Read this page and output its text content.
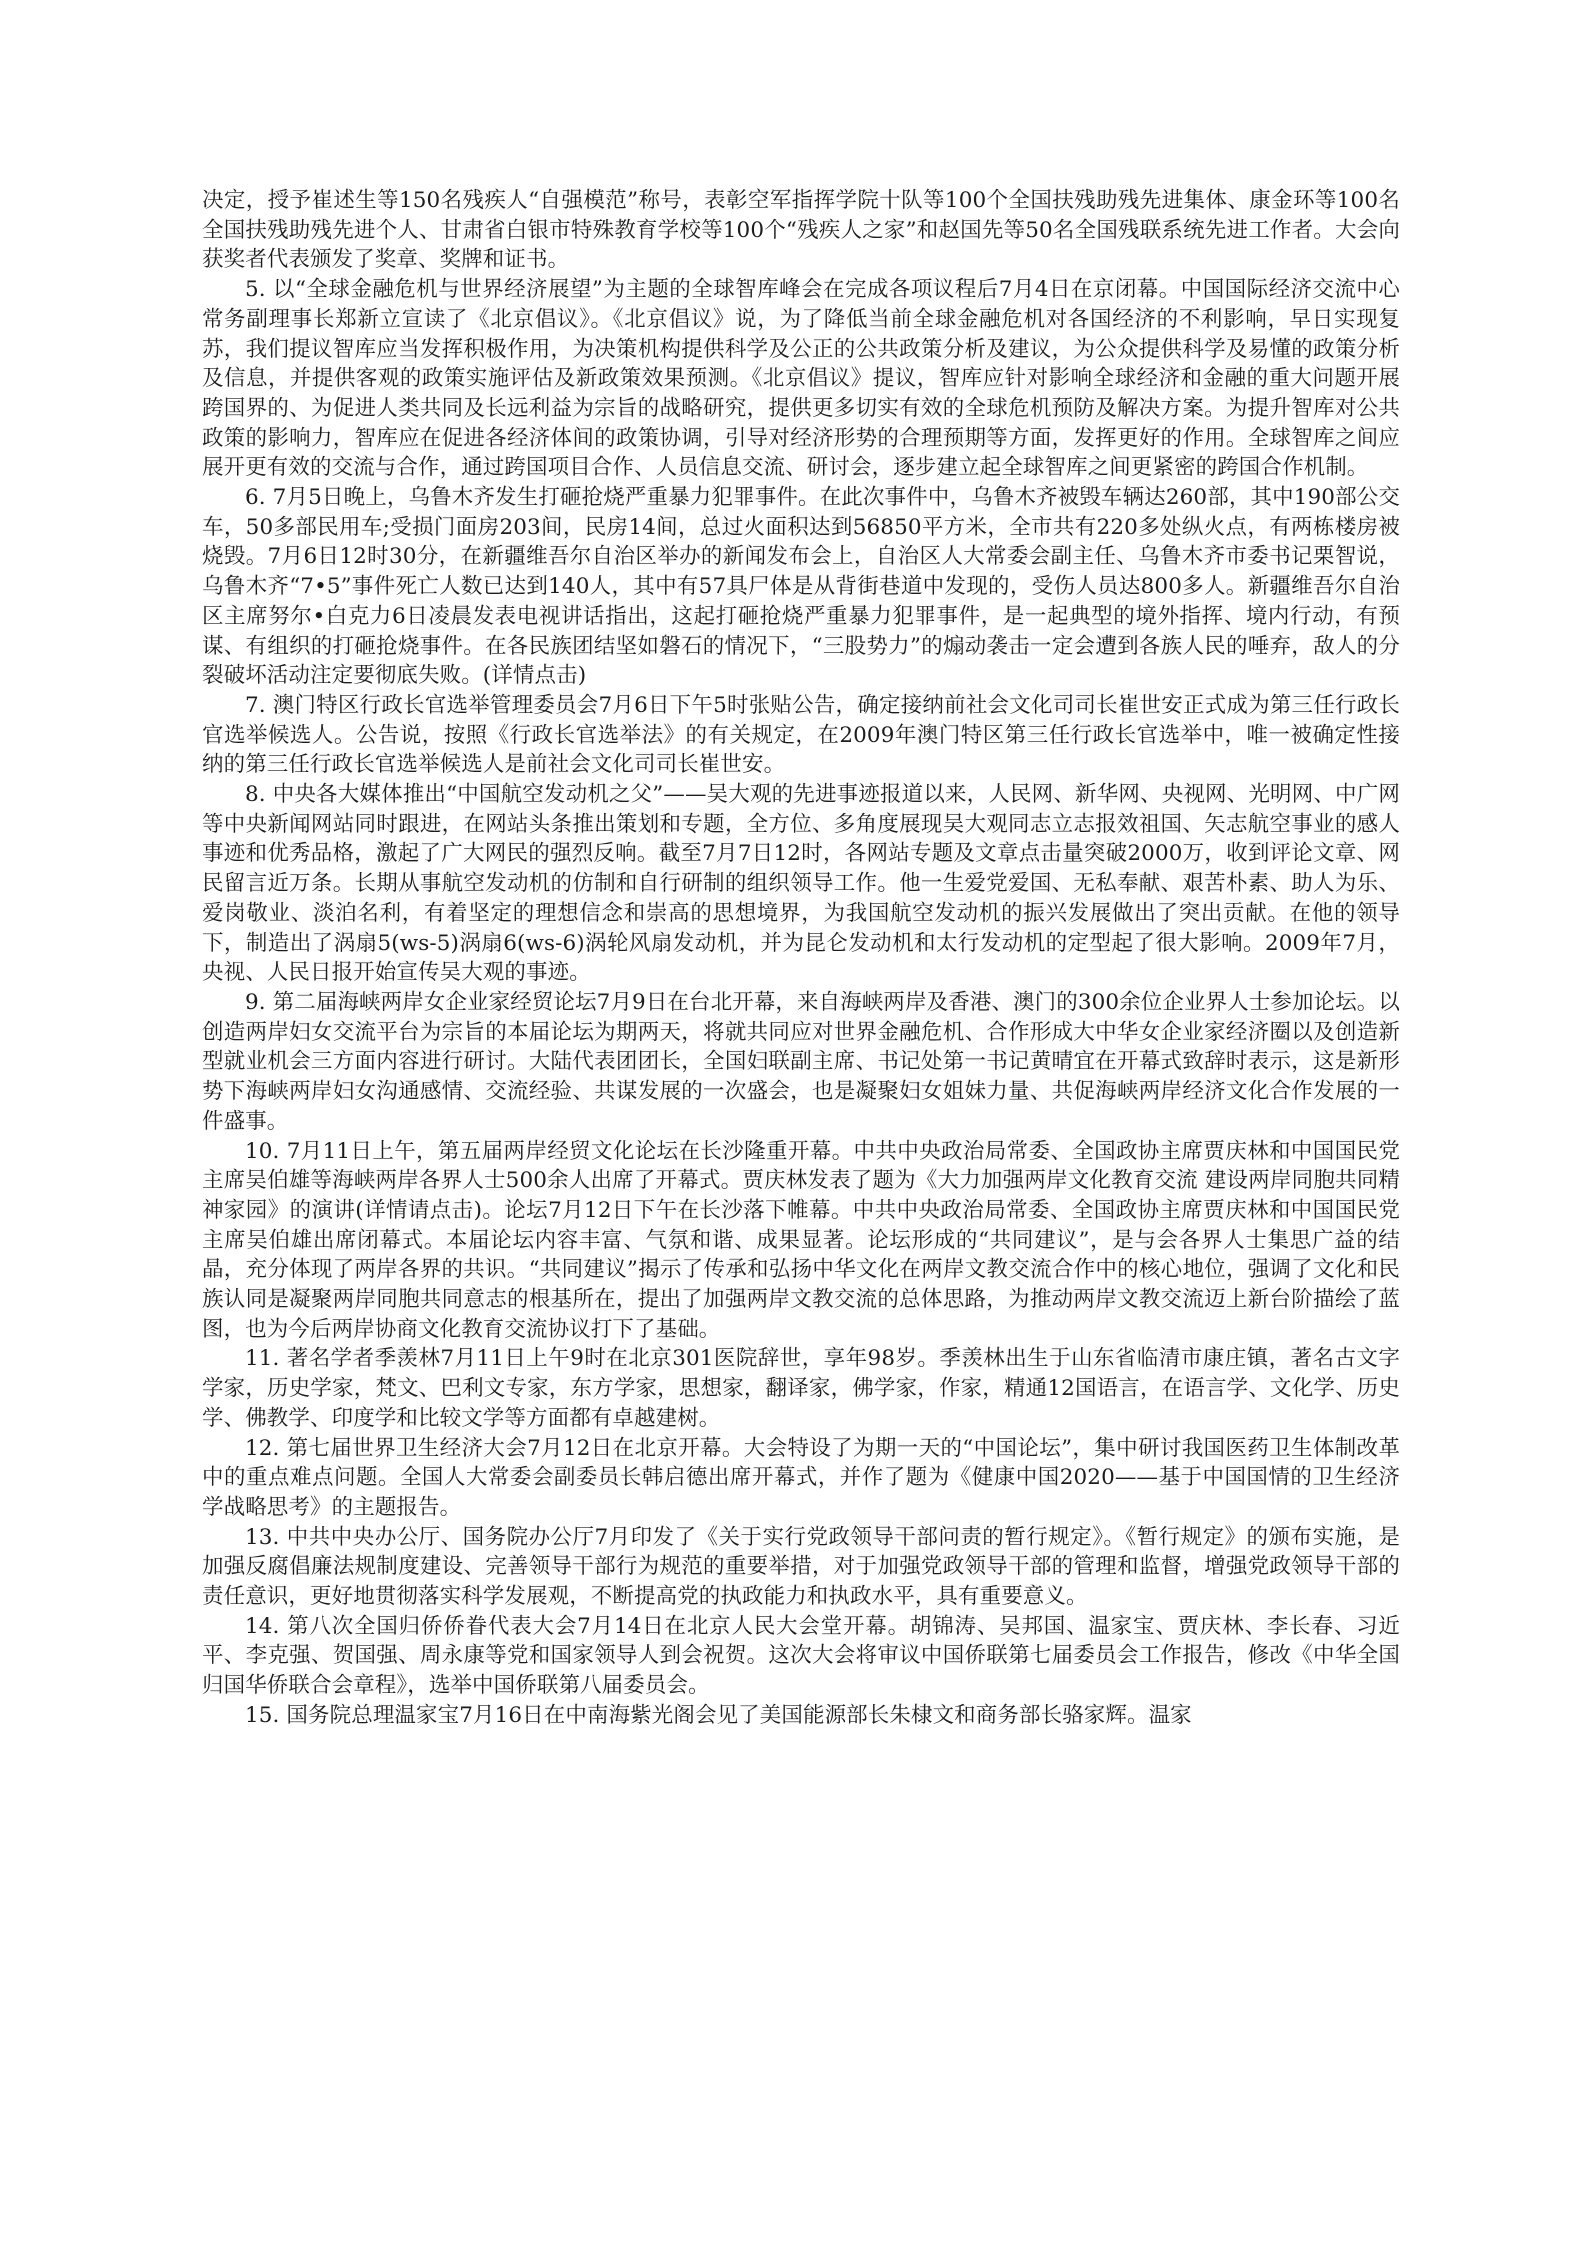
决定，授予崔述生等150名残疾人“自强模范”称号，表彰空军指挥学院十队等100个全国扶残助残先进集体、康金环等100名全国扶残助残先进个人、甘肃省白银市特殊教育学校等100个“残疾人之家”和赵国先等50名全国残联系统先进工作者。大会向获奖者代表颁发了奖章、奖牌和证书。

5. 以“全球金融危机与世界经济展望”为主题的全球智库峰会在完成各项议程后7月4日在京闭幕。中国国际经济交流中心常务副理事长郑新立宣读了《北京倡议》。《北京倡议》说，为了降低当前全球金融危机对各国经济的不利影响，早日实现复苏，我们提议智库应当发挥积极作用，为决策机构提供科学及公正的公共政策分析及建议，为公众提供科学及易懂的政策分析及信息，并提供客观的政策实施评估及新政策效果预测。《北京倡议》提议，智库应针对影响全球经济和金融的重大问题开展跨国界的、为促进人类共同及长远利益为宗旨的战略研究，提供更多切实有效的全球危机预防及解决方案。为提升智库对公共政策的影响力，智库应在促进各经济体间的政策协调，引导对经济形势的合理预期等方面，发挥更好的作用。全球智库之间应展开更有效的交流与合作，通过跨国项目合作、人员信息交流、研讨会，逐步建立起全球智库之间更紧密的跨国合作机制。

6. 7月5日晚上，乌鲁木齐发生打砸抢烧严重暴力犯罪事件。在此次事件中，乌鲁木齐被毁车辆达260部，其中190部公交车，50多部民用车;受损门面房203间，民房14间，总过火面积达到56850平方米，全市共有220多处纵火点，有两栋楼房被烧毁。7月6日12时30分，在新疆维吾尔自治区举办的新闻发布会上，自治区人大常委会副主任、乌鲁木齐市委书记栗智说，乌鲁木齐“7•5”事件死亡人数已达到140人，其中有57具尸体是从背街巷道中发现的，受伤人员达800多人。新疆维吾尔自治区主席努尔•白克力6日凌晨发表电视讲话指出，这起打砸抢烧严重暴力犯罪事件，是一起典型的境外指挥、境内行动，有预谋、有组织的打砸抢烧事件。在各民族团结坚如磐石的情况下，“三股势力”的煽动袭击一定会遭到各族人民的唾弃，敌人的分裂破坏活动注定要彻底失败。(详情点击)

7. 澳门特区行政长官选举管理委员会7月6日下午5时张贴公告，确定接纳前社会文化司司长崔世安正式成为第三任行政长官选举候选人。公告说，按照《行政长官选举法》的有关规定，在2009年澳门特区第三任行政长官选举中，唯一被确定性接纳的第三任行政长官选举候选人是前社会文化司司长崔世安。

8. 中央各大媒体推出“中国航空发动机之父”——吴大观的先进事迹报道以来，人民网、新华网、央视网、光明网、中广网等中央新闻网站同时跟进，在网站头条推出策划和专题，全方位、多角度展现吴大观同志立志报效祖国、矢志航空事业的感人事迹和优秀品格，激起了广大网民的强烈反响。截至7月7日12时，各网站专题及文章点击量突破2000万，收到评论文章、网民留言近万条。长期从事航空发动机的仿制和自行研制的组织领导工作。他一生爱党爱国、无私奉献、艰苦朴素、助人为乐、爱岗敬业、淡泊名利，有着坚定的理想信念和崇高的思想境界，为我国航空发动机的振兴发展做出了突出贡献。在他的领导下，制造出了涡扇5(ws-5)涡扇6(ws-6)涡轮风扇发动机，并为昆仑发动机和太行发动机的定型起了很大影响。2009年7月，央视、人民日报开始宣传吴大观的事迹。

9. 第二届海峡两岸女企业家经贸论坛7月9日在台北开幕，来自海峡两岸及香港、澳门的300余位企业界人士参加论坛。以创造两岸妇女交流平台为宗旨的本届论坛为期两天，将就共同应对世界金融危机、合作形成大中华女企业家经济圈以及创造新型就业机会三方面内容进行研讨。大陆代表团团长，全国妇联副主席、书记处第一书记黄晴宜在开幕式致辞时表示，这是新形势下海峡两岸妇女沟通感情、交流经验、共谋发展的一次盛会，也是凝聚妇女姐妹力量、共促海峡两岸经济文化合作发展的一件盛事。

10. 7月11日上午，第五届两岸经贸文化论坛在长沙隆重开幕。中共中央政治局常委、全国政协主席贾庆林和中国国民党主席吴伯雄等海峡两岸各界人士500余人出席了开幕式。贾庆林发表了题为《大力加强两岸文化教育交流 建设两岸同胞共同精神家园》的演讲(详情请点击)。论坛7月12日下午在长沙落下帷幕。中共中央政治局常委、全国政协主席贾庆林和中国国民党主席吴伯雄出席闭幕式。本届论坛内容丰富、气氛和谐、成果显著。论坛形成的“共同建议”，是与会各界人士集思广益的结晶，充分体现了两岸各界的共识。“共同建议”揭示了传承和弘扬中华文化在两岸文教交流合作中的核心地位，强调了文化和民族认同是凝聚两岸同胞共同意志的根基所在，提出了加强两岸文教交流的总体思路，为推动两岸文教交流迈上新台阶描绘了蓝图，也为今后两岸协商文化教育交流协议打下了基础。

11. 著名学者季羡林7月11日上午9时在北京301医院辞世，享年98岁。季羡林出生于山东省临清市康庄镇，著名古文字学家，历史学家，梵文、巴利文专家，东方学家，思想家，翻译家，佛学家，作家，精通12国语言，在语言学、文化学、历史学、佛教学、印度学和比较文学等方面都有卓越建树。

12. 第七届世界卫生经济大会7月12日在北京开幕。大会特设了为期一天的“中国论坛”，集中研讨我国医药卫生体制改革中的重点难点问题。全国人大常委会副委员长韩启德出席开幕式，并作了题为《健康中国2020——基于中国国情的卫生经济学战略思考》的主题报告。

13. 中共中央办公厅、国务院办公厅7月印发了《关于实行党政领导干部问责的暂行规定》。《暂行规定》的颁布实施，是加强反腐倡廉法规制度建设、完善领导干部行为规范的重要举措，对于加强党政领导干部的管理和监督，增强党政领导干部的责任意识，更好地贯彻落实科学发展观，不断提高党的执政能力和执政水平，具有重要意义。

14. 第八次全国归侨侨眷代表大会7月14日在北京人民大会堂开幕。胡锦涛、吴邦国、温家宝、贾庆林、李长春、习近平、李克强、贺国强、周永康等党和国家领导人到会祝贺。这次大会将审议中国侨联第七届委员会工作报告，修改《中华全国归国华侨联合会章程》，选举中国侨联第八届委员会。

15. 国务院总理温家宝7月16日在中南海紫光阁会见了美国能源部长朱棣文和商务部长骆家辉。温家
